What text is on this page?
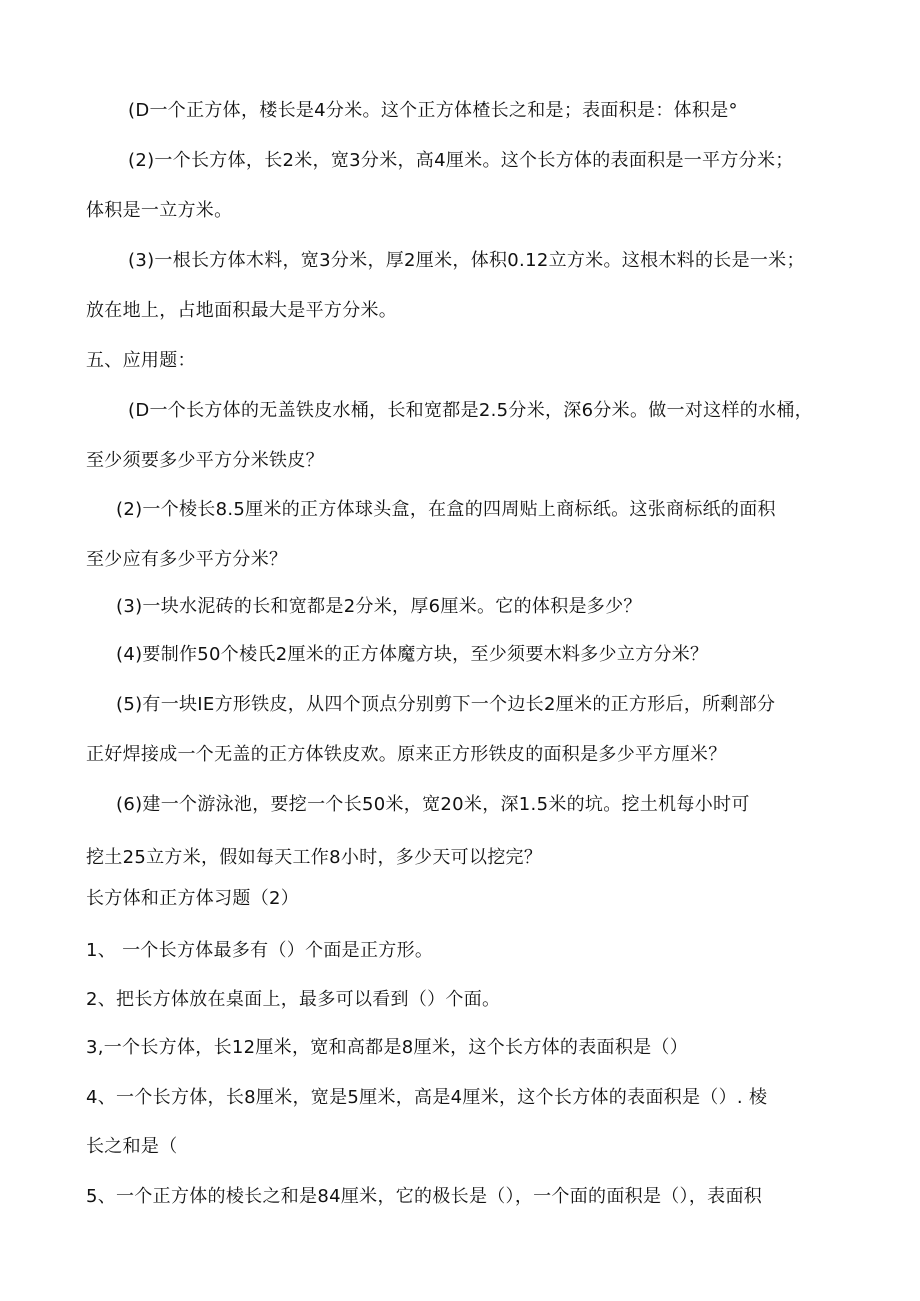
(D一个正方体，楼长是4分米。这个正方体楂长之和是；表面积是：体积是°
(2)一个长方体，长2米，宽3分米，高4厘米。这个长方体的表面积是一平方分米；
体积是一立方米。
(3)一根长方体木料，宽3分米，厚2厘米，体积0.12立方米。这根木料的长是一米；
放在地上，占地面积最大是平方分米。
五、应用题：
(D一个长方体的无盖铁皮水桶，长和宽都是2.5分米，深6分米。做一对这样的水桶，
至少须要多少平方分米铁皮？
(2)一个棱长8.5厘米的正方体球头盒，在盒的四周贴上商标纸。这张商标纸的面积
至少应有多少平方分米？
(3)一块水泥砖的长和宽都是2分米，厚6厘米。它的体积是多少？
(4)要制作50个棱氏2厘米的正方体魔方块，至少须要木料多少立方分米？
(5)有一块IE方形铁皮，从四个顶点分别剪下一个边长2厘米的正方形后，所剩部分
正好焊接成一个无盖的正方体铁皮欢。原来正方形铁皮的面积是多少平方厘米？
(6)建一个游泳池，要挖一个长50米，宽20米，深1.5米的坑。挖土机每小时可
挖土25立方米，假如每天工作8小时，多少天可以挖完？
长方体和正方体习题（2）
1、 一个长方体最多有（）个面是正方形。
2、把长方体放在桌面上，最多可以看到（）个面。
3,一个长方体，长12厘米，宽和高都是8厘米，这个长方体的表面积是（）
4、一个长方体，长8厘米，宽是5厘米，高是4厘米，这个长方体的表面积是（）. 棱
长之和是（
5、一个正方体的棱长之和是84厘米，它的极长是（），一个面的面积是（），表面积
